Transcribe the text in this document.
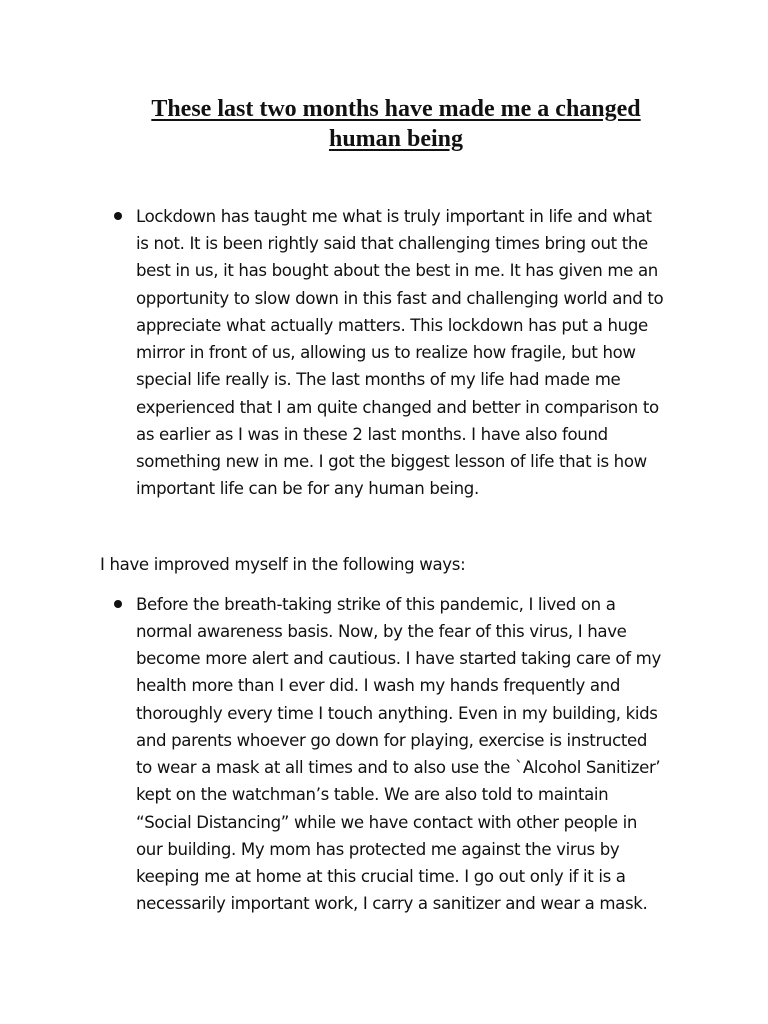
These last two months have made me a changed
human being
Lockdown has taught me what is truly important in life and what
is not. It is been rightly said that challenging times bring out the
best in us, it has bought about the best in me. It has given me an
opportunity to slow down in this fast and challenging world and to
appreciate what actually matters. This lockdown has put a huge
mirror in front of us, allowing us to realize how fragile, but how
special life really is. The last months of my life had made me
experienced that I am quite changed and better in comparison to
as earlier as I was in these 2 last months. I have also found
something new in me. I got the biggest lesson of life that is how
important life can be for any human being.
I have improved myself in the following ways:
Before the breath-taking strike of this pandemic, I lived on a
normal awareness basis. Now, by the fear of this virus, I have
become more alert and cautious. I have started taking care of my
health more than I ever did. I wash my hands frequently and
thoroughly every time I touch anything. Even in my building, kids
and parents whoever go down for playing, exercise is instructed
to wear a mask at all times and to also use the `Alcohol Sanitizer’
kept on the watchman’s table. We are also told to maintain
“Social Distancing” while we have contact with other people in
our building. My mom has protected me against the virus by
keeping me at home at this crucial time. I go out only if it is a
necessarily important work, I carry a sanitizer and wear a mask.
